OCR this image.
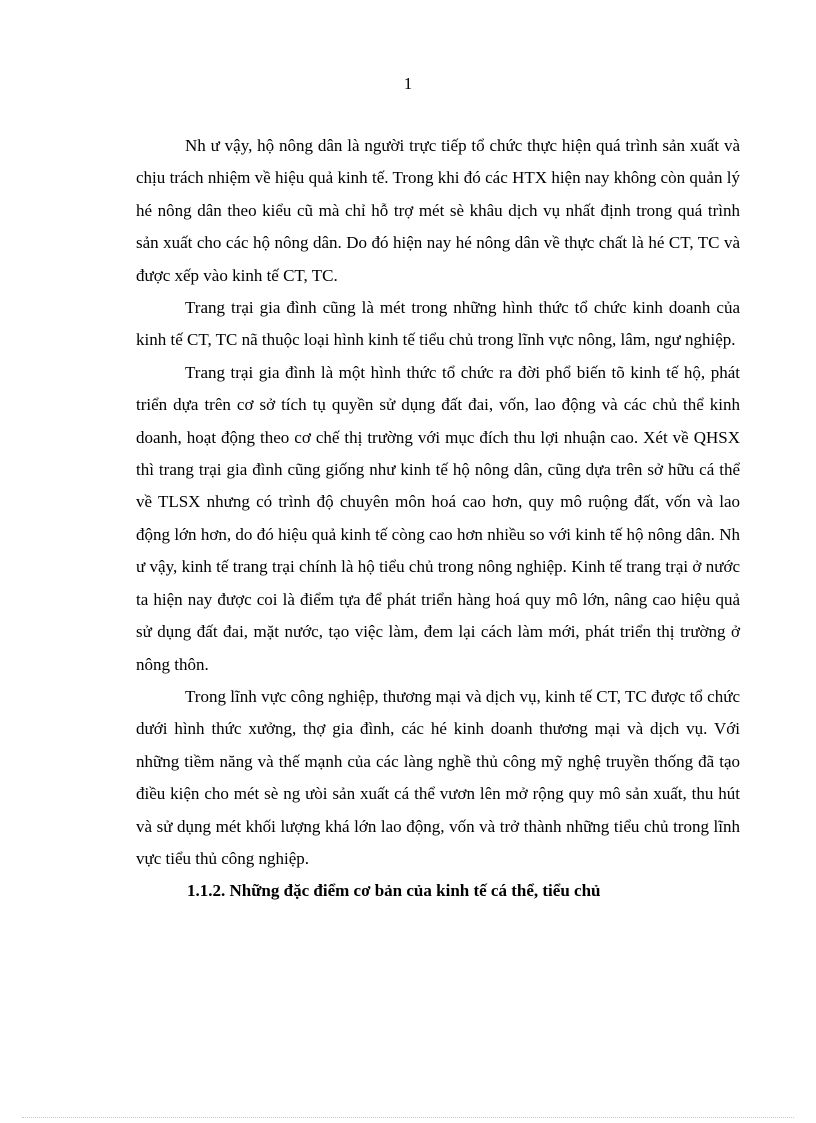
1

Nh ư vậy, hộ nông dân là người trực tiếp tổ chức thực hiện quá trình sản xuất và chịu trách nhiệm về hiệu quả kinh tế. Trong khi đó các HTX hiện nay không còn quản lý hé nông dân theo kiểu cũ mà chỉ hỗ trợ mét sè khâu dịch vụ nhất định trong quá trình sản xuất cho các hộ nông dân. Do đó hiện nay hé nông dân về thực chất là hé CT, TC và được xếp vào kinh tế CT, TC.

Trang trại gia đình cũng là mét trong những hình thức tổ chức kinh doanh của kinh tế CT, TC nã thuộc loại hình kinh tế tiểu chủ trong lĩnh vực nông, lâm, ngư nghiệp.

Trang trại gia đình là một hình thức tổ chức ra đời phổ biến tõ kinh tế hộ, phát triển dựa trên cơ sở tích tụ quyền sử dụng đất đai, vốn, lao động và các chủ thể kinh doanh, hoạt động theo cơ chế thị trường với mục đích thu lợi nhuận cao. Xét về QHSX thì trang trại gia đình cũng giống như kinh tế hộ nông dân, cũng dựa trên sở hữu cá thể về TLSX nhưng có trình độ chuyên môn hoá cao hơn, quy mô ruộng đất, vốn và lao động lớn hơn, do đó hiệu quả kinh tế còng cao hơn nhiều so với kinh tế hộ nông dân. Nh ư vậy, kinh tế trang trại chính là hộ tiểu chủ trong nông nghiệp. Kinh tế trang trại ở nước ta hiện nay được coi là điểm tựa để phát triển hàng hoá quy mô lớn, nâng cao hiệu quả sử dụng đất đai, mặt nước, tạo việc làm, đem lại cách làm mới, phát triển thị trường ở nông thôn.

Trong lĩnh vực công nghiệp, thương mại và dịch vụ, kinh tế CT, TC được tổ chức dưới hình thức xưởng, thợ gia đình, các hé kinh doanh thương mại và dịch vụ. Với những tiềm năng và thế mạnh của các làng nghề thủ công mỹ nghệ truyền thống đã tạo điều kiện cho mét sè ng ưòi sản xuất cá thể vươn lên mở rộng quy mô sản xuất, thu hút và sử dụng mét khối lượng khá lớn lao động, vốn và trở thành những tiểu chủ trong lĩnh vực tiểu thủ công nghiệp.

1.1.2. Những đặc điểm cơ bản của kinh tế cá thể, tiểu chủ
